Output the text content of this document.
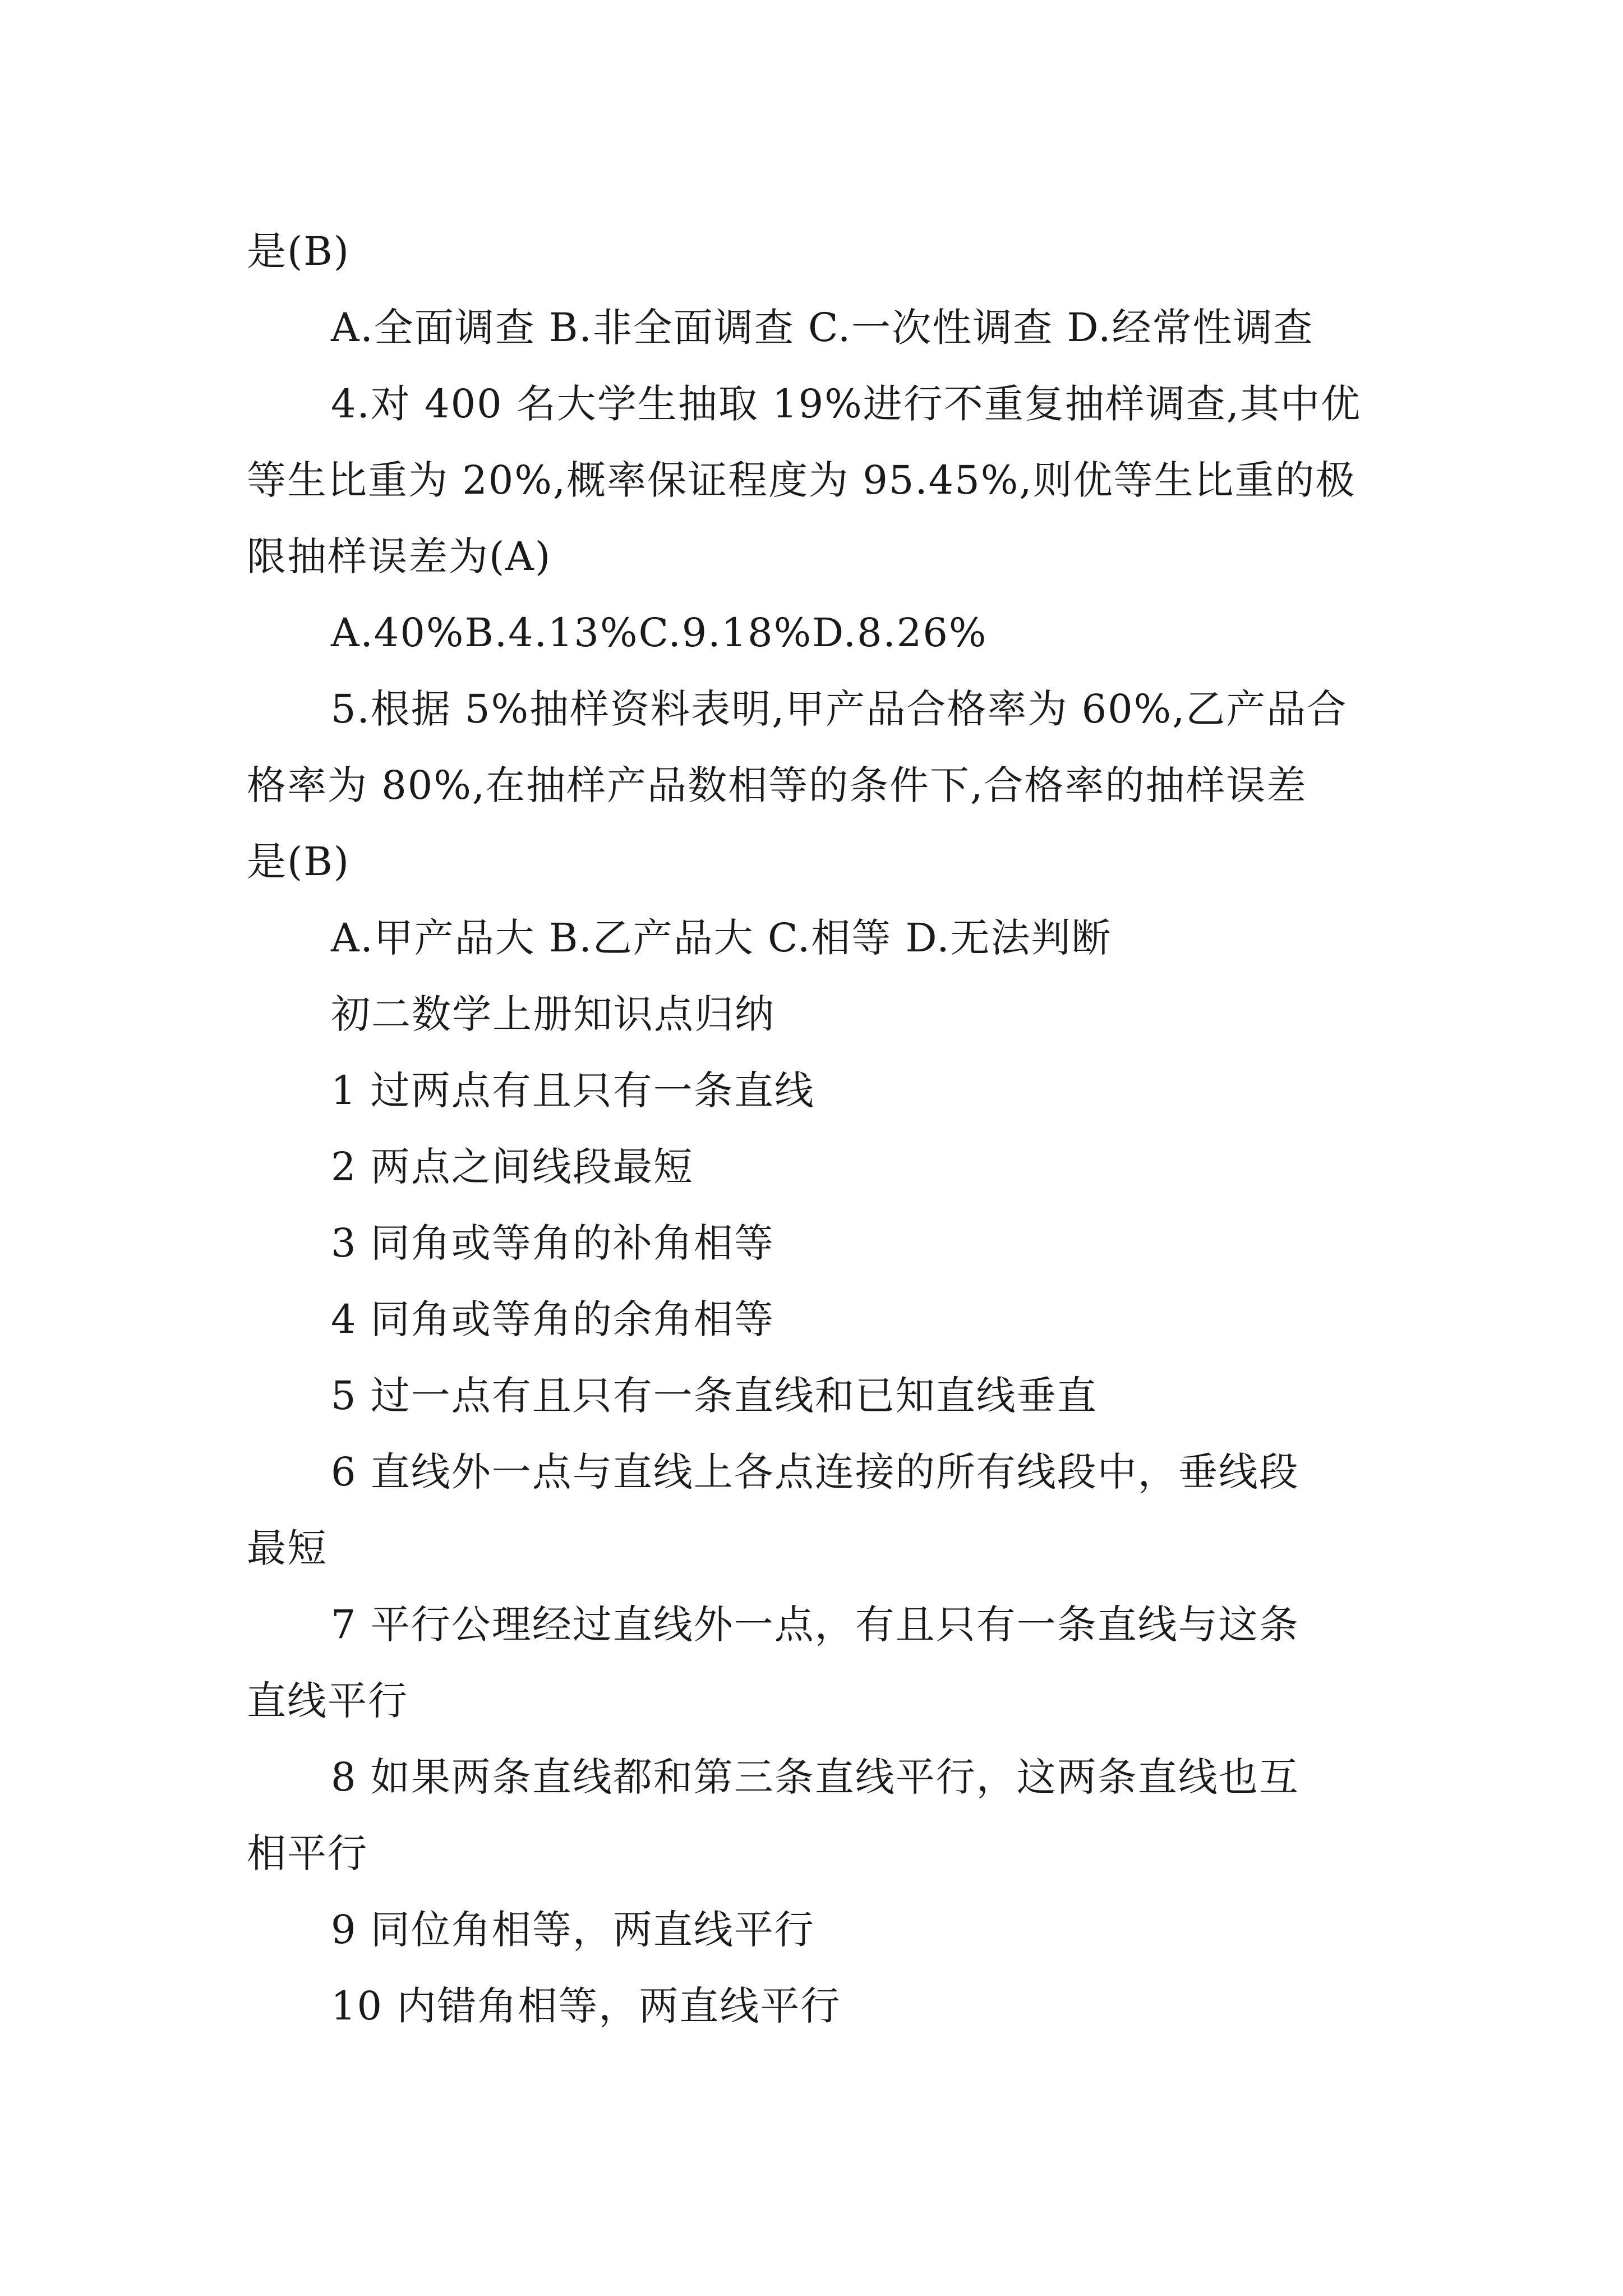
是(B)
A.全面调查 B.非全面调查 C.一次性调查 D.经常性调查
4.对 400 名大学生抽取 19%进行不重复抽样调查,其中优
等生比重为 20%,概率保证程度为 95.45%,则优等生比重的极
限抽样误差为(A)
A.40%B.4.13%C.9.18%D.8.26%
5.根据 5%抽样资料表明,甲产品合格率为 60%,乙产品合
格率为 80%,在抽样产品数相等的条件下,合格率的抽样误差
是(B)
A.甲产品大 B.乙产品大 C.相等 D.无法判断
初二数学上册知识点归纳
1 过两点有且只有一条直线
2 两点之间线段最短
3 同角或等角的补角相等
4 同角或等角的余角相等
5 过一点有且只有一条直线和已知直线垂直
6 直线外一点与直线上各点连接的所有线段中，垂线段
最短
7 平行公理经过直线外一点，有且只有一条直线与这条
直线平行
8 如果两条直线都和第三条直线平行，这两条直线也互
相平行
9 同位角相等，两直线平行
10 内错角相等，两直线平行
